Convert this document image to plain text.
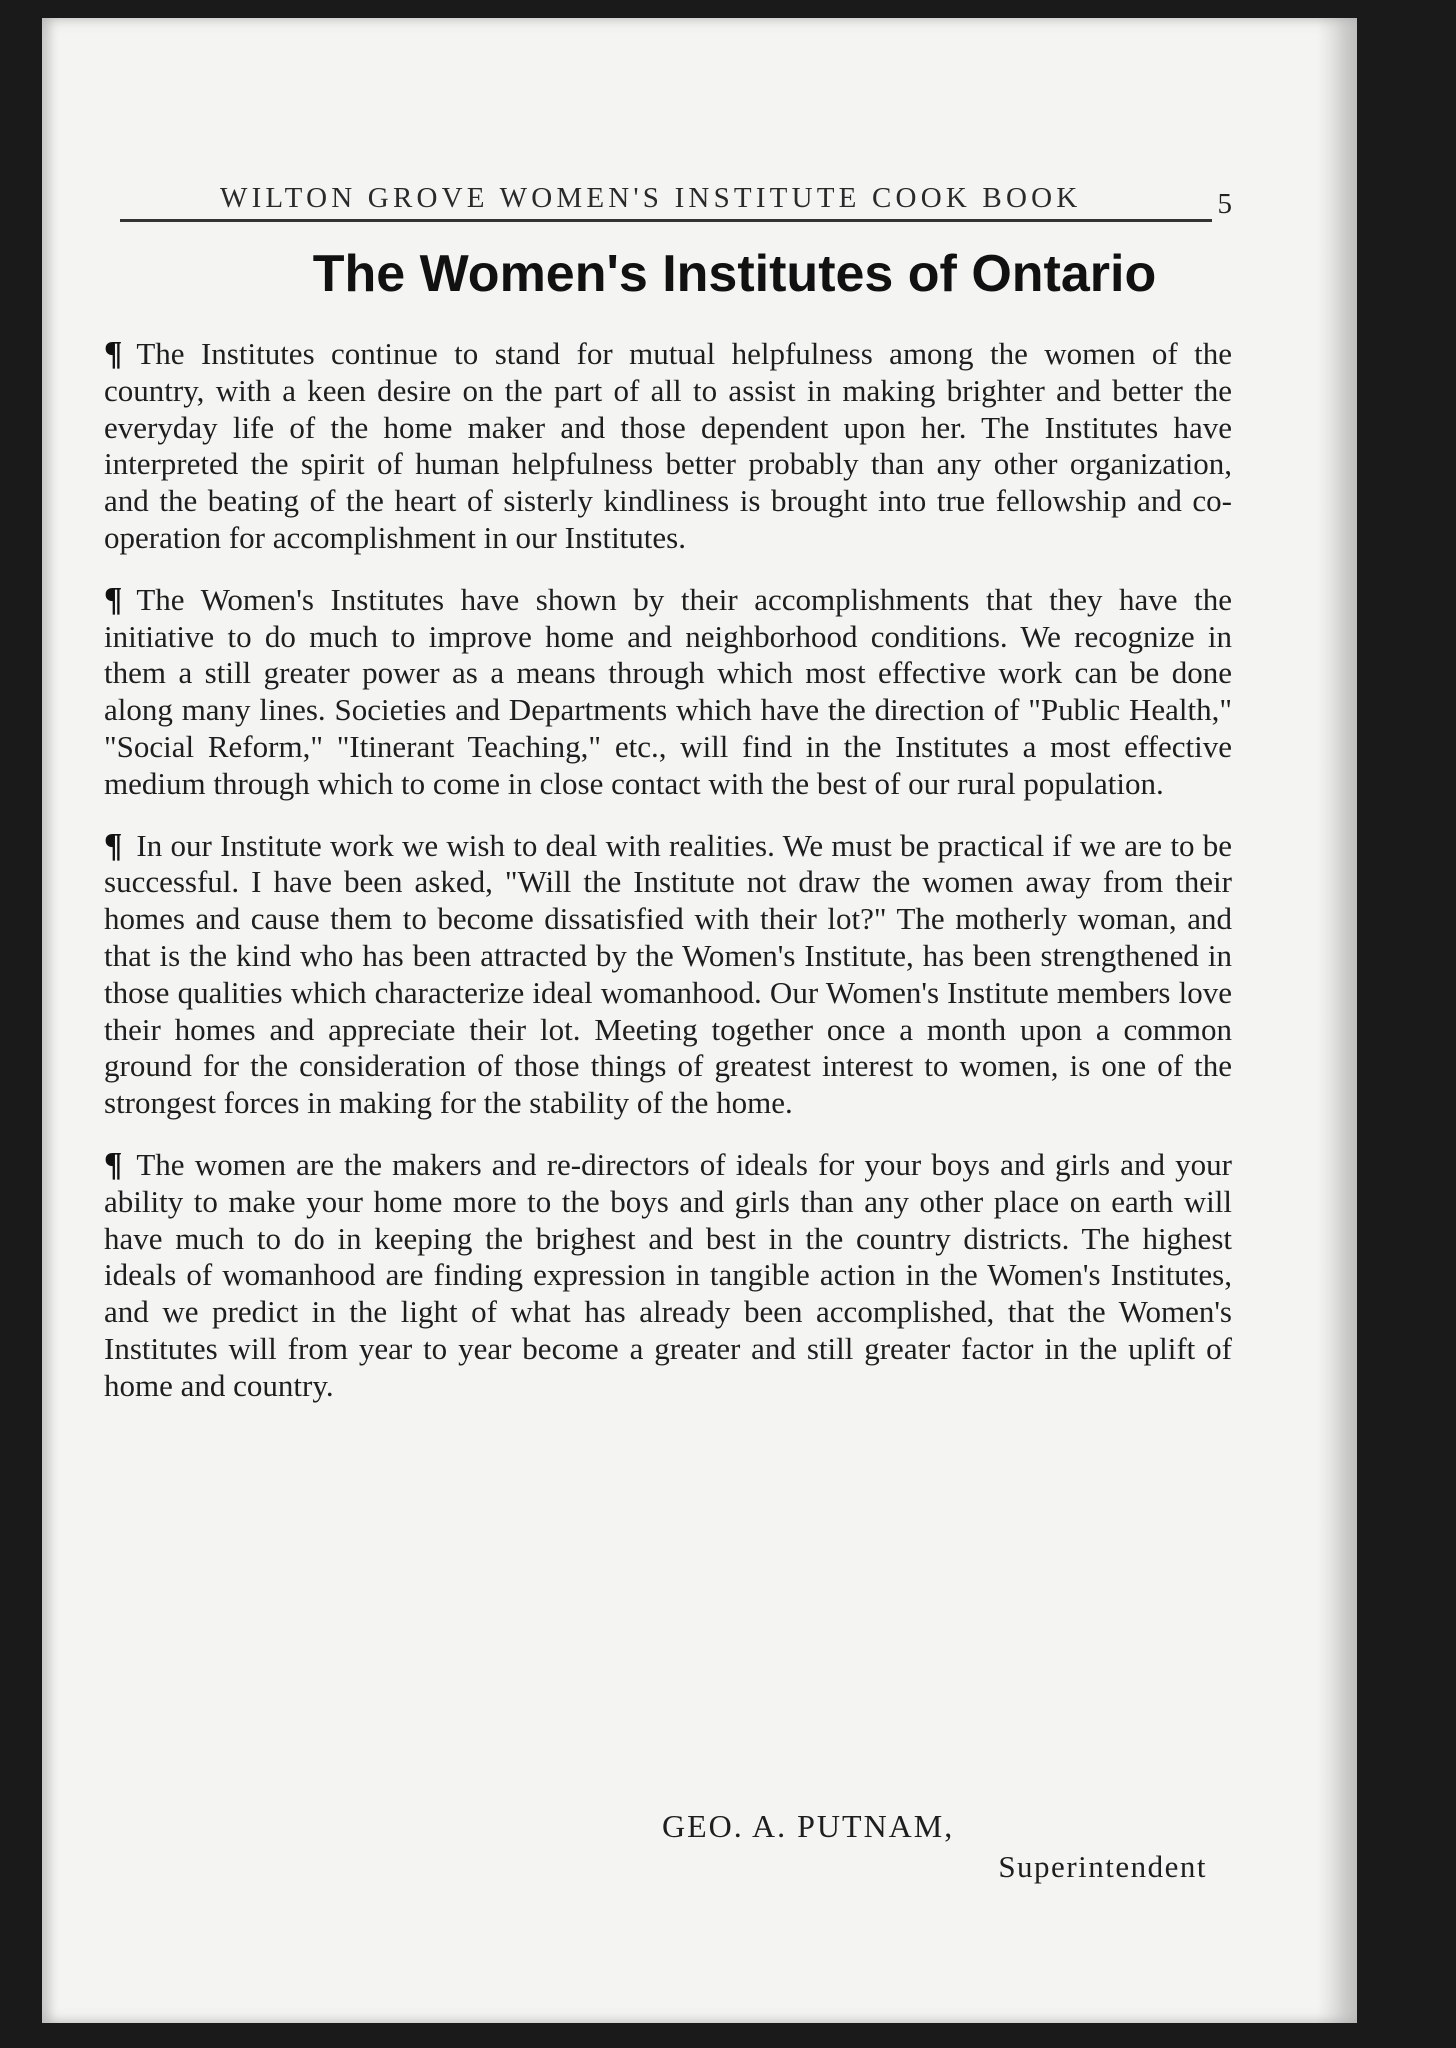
WILTON GROVE WOMEN'S INSTITUTE COOK BOOK	5
The Women's Institutes of Ontario

¶ The Institutes continue to stand for mutual helpfulness among the women of the country, with a keen desire on the part of all to assist in making brighter and better the everyday life of the home maker and those dependent upon her. The Institutes have interpreted the spirit of human helpfulness better probably than any other organization, and the beating of the heart of sisterly kindliness is brought into true fellowship and co-operation for accomplishment in our Institutes.

¶ The Women's Institutes have shown by their accomplishments that they have the initiative to do much to improve home and neighborhood conditions. We recognize in them a still greater power as a means through which most effective work can be done along many lines. Societies and Departments which have the direction of "Public Health," "Social Reform," "Itinerant Teaching," etc., will find in the Institutes a most effective medium through which to come in close contact with the best of our rural population.

¶ In our Institute work we wish to deal with realities. We must be practical if we are to be successful. I have been asked, "Will the Institute not draw the women away from their homes and cause them to become dissatisfied with their lot?" The motherly woman, and that is the kind who has been attracted by the Women's Institute, has been strengthened in those qualities which characterize ideal womanhood. Our Women's Institute members love their homes and appreciate their lot. Meeting together once a month upon a common ground for the consideration of those things of greatest interest to women, is one of the strongest forces in making for the stability of the home.

¶ The women are the makers and re-directors of ideals for your boys and girls and your ability to make your home more to the boys and girls than any other place on earth will have much to do in keeping the brighest and best in the country districts. The highest ideals of womanhood are finding expression in tangible action in the Women's Institutes, and we predict in the light of what has already been accomplished, that the Women's Institutes will from year to year become a greater and still greater factor in the uplift of home and country.

GEO. A. PUTNAM,
Superintendent
